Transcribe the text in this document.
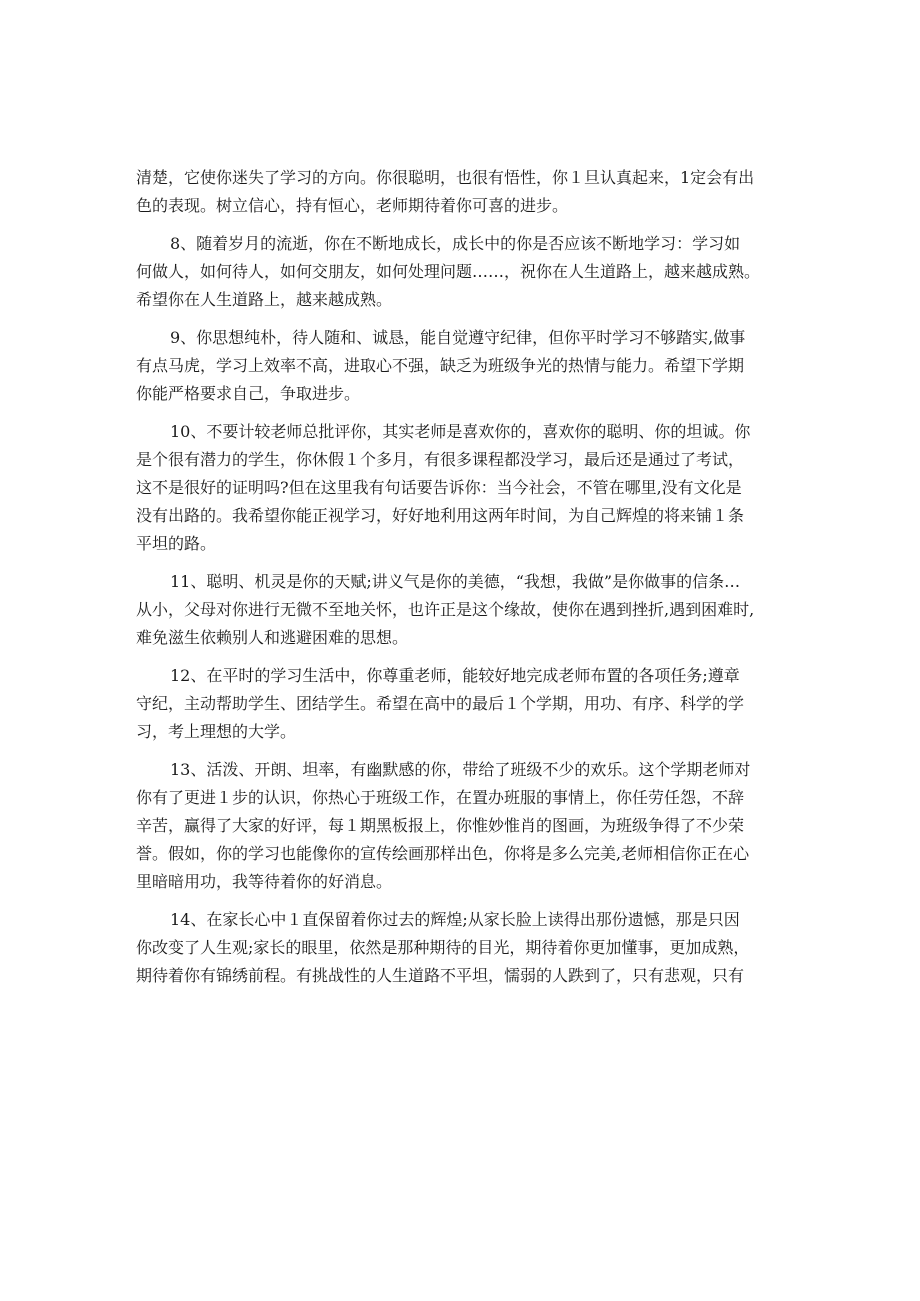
清楚，它使你迷失了学习的方向。你很聪明，也很有悟性，你１旦认真起来，1定会有出

色的表现。树立信心，持有恒心，老师期待着你可喜的进步。

8、随着岁月的流逝，你在不断地成长，成长中的你是否应该不断地学习：学习如

何做人，如何待人，如何交朋友，如何处理问题……，祝你在人生道路上，越来越成熟。

希望你在人生道路上，越来越成熟。

9、你思想纯朴，待人随和、诚恳，能自觉遵守纪律，但你平时学习不够踏实,做事

有点马虎，学习上效率不高，进取心不强，缺乏为班级争光的热情与能力。希望下学期

你能严格要求自己，争取进步。

10、不要计较老师总批评你，其实老师是喜欢你的，喜欢你的聪明、你的坦诚。你

是个很有潜力的学生，你休假１个多月，有很多课程都没学习，最后还是通过了考试，

这不是很好的证明吗?但在这里我有句话要告诉你：当今社会，不管在哪里,没有文化是

没有出路的。我希望你能正视学习，好好地利用这两年时间，为自己辉煌的将来铺１条

平坦的路。

11、聪明、机灵是你的天赋;讲义气是你的美德，“我想，我做”是你做事的信条…

从小，父母对你进行无微不至地关怀，也许正是这个缘故，使你在遇到挫折,遇到困难时,

难免滋生依赖别人和逃避困难的思想。

12、在平时的学习生活中，你尊重老师，能较好地完成老师布置的各项任务;遵章

守纪，主动帮助学生、团结学生。希望在高中的最后１个学期，用功、有序、科学的学

习，考上理想的大学。

13、活泼、开朗、坦率，有幽默感的你，带给了班级不少的欢乐。这个学期老师对

你有了更进１步的认识，你热心于班级工作，在置办班服的事情上，你任劳任怨，不辞

辛苦，赢得了大家的好评，每１期黑板报上，你惟妙惟肖的图画，为班级争得了不少荣

誉。假如，你的学习也能像你的宣传绘画那样出色，你将是多么完美,老师相信你正在心

里暗暗用功，我等待着你的好消息。

14、在家长心中１直保留着你过去的辉煌;从家长脸上读得出那份遗憾，那是只因

你改变了人生观;家长的眼里，依然是那种期待的目光，期待着你更加懂事，更加成熟，

期待着你有锦绣前程。有挑战性的人生道路不平坦，懦弱的人跌到了，只有悲观，只有
